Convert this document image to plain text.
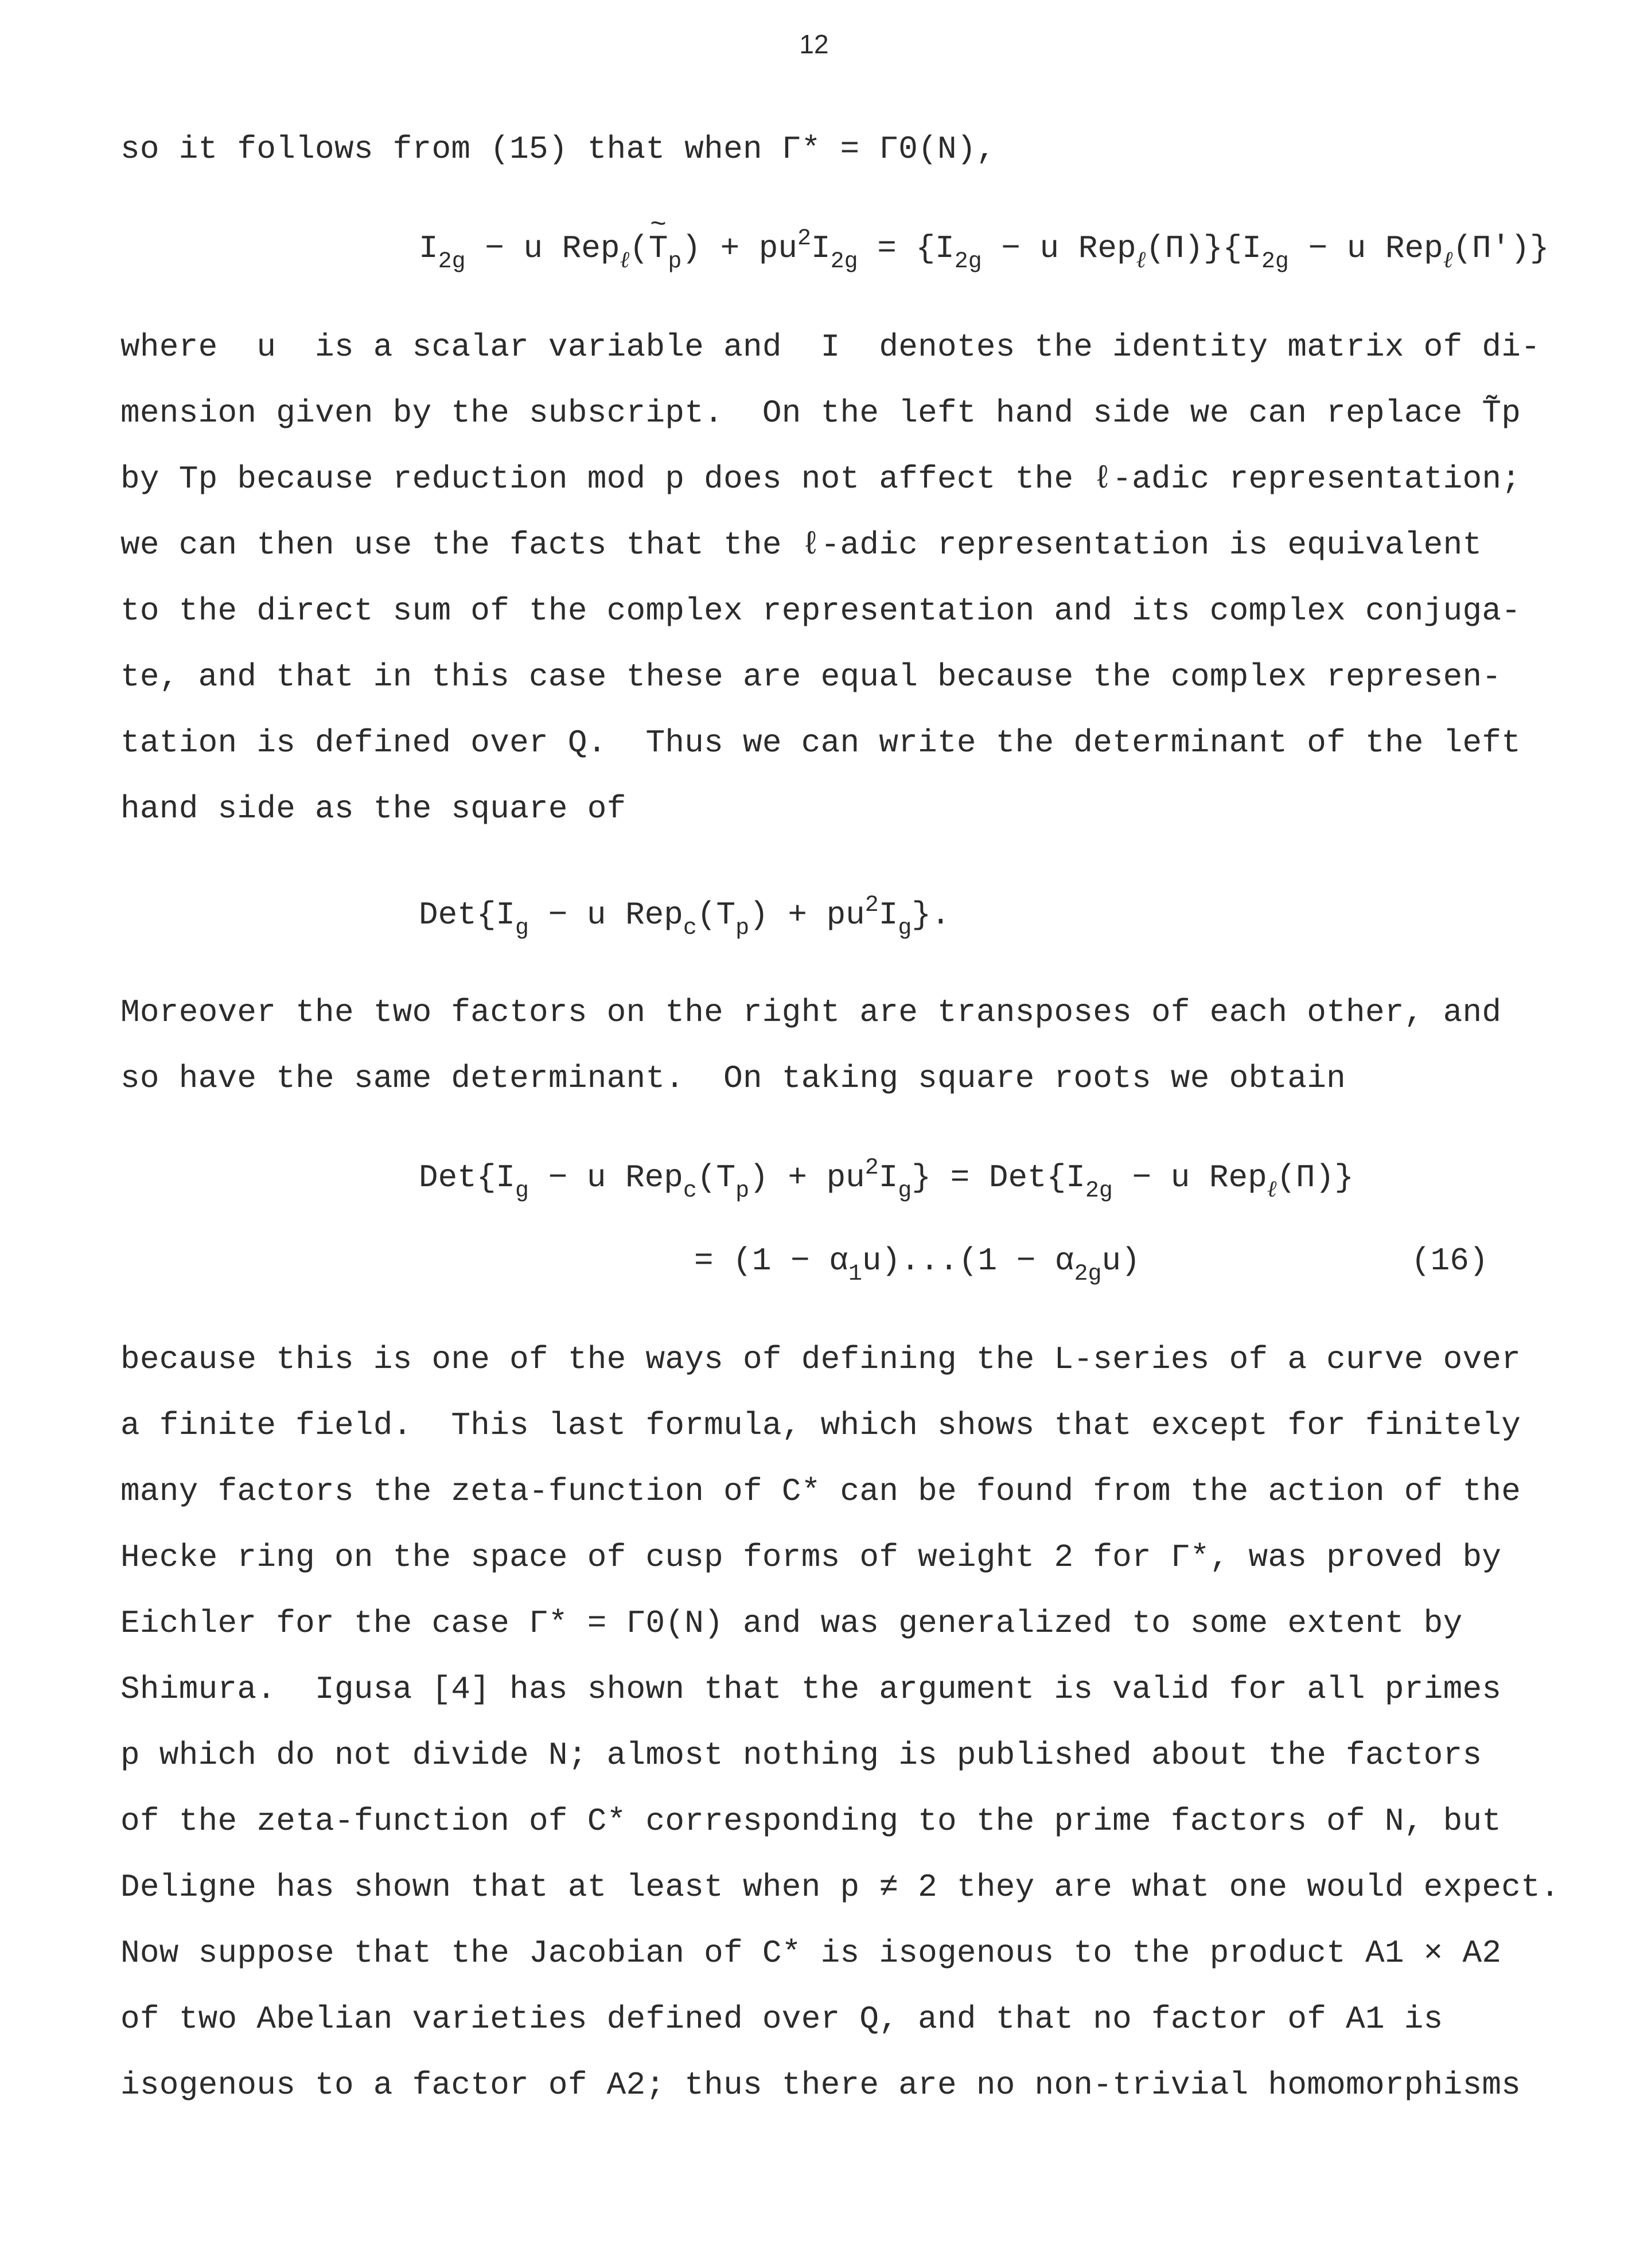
12
so it follows from (15) that when Γ* = Γ0(N),
$I_{2g} - u$ Rep$_\ell$(~ $T_p) + pu^2I_{2g} = \{I_{2g} - u$ $Rep_\ell(\Pi)\}\{I_{2g} - u$ Rep$_\ell$(Π')}
where  u  is a scalar variable and  I  denotes the identity matrix of di-
mension given by the subscript.  On the left hand side we can replace T̃p
by Tp because reduction mod p does not affect the ℓ-adic representation;
we can then use the facts that the ℓ-adic representation is equivalent
to the direct sum of the complex representation and its complex conjuga-
te, and that in this case these are equal because the complex represen-
tation is defined over Q.  Thus we can write the determinant of the left
hand side as the square of
$Det\{I_g - u$ $Rep_c(T_p) + pu^2I_g$}.
Moreover the two factors on the right are transposes of each other, and
so have the same determinant.  On taking square roots we obtain
$Det\{I_g - u$ $Rep_c(T_p) + pu^2I_g\} = Det\{I_{2g} - u$ Rep$_\ell$(Π)}
= $(1 - \alpha_1u)...(1 - \alpha_{2g}u)$	(16)
because this is one of the ways of defining the L-series of a curve over
a finite field.  This last formula, which shows that except for finitely
many factors the zeta-function of C* can be found from the action of the
Hecke ring on the space of cusp forms of weight 2 for Γ*, was proved by
Eichler for the case Γ* = Γ0(N) and was generalized to some extent by
Shimura.  Igusa [4] has shown that the argument is valid for all primes
p which do not divide N; almost nothing is published about the factors
of the zeta-function of C* corresponding to the prime factors of N, but
Deligne has shown that at least when p ≠ 2 they are what one would expect.
Now suppose that the Jacobian of C* is isogenous to the product A1 × A2
of two Abelian varieties defined over Q, and that no factor of A1 is
isogenous to a factor of A2; thus there are no non-trivial homomorphisms
